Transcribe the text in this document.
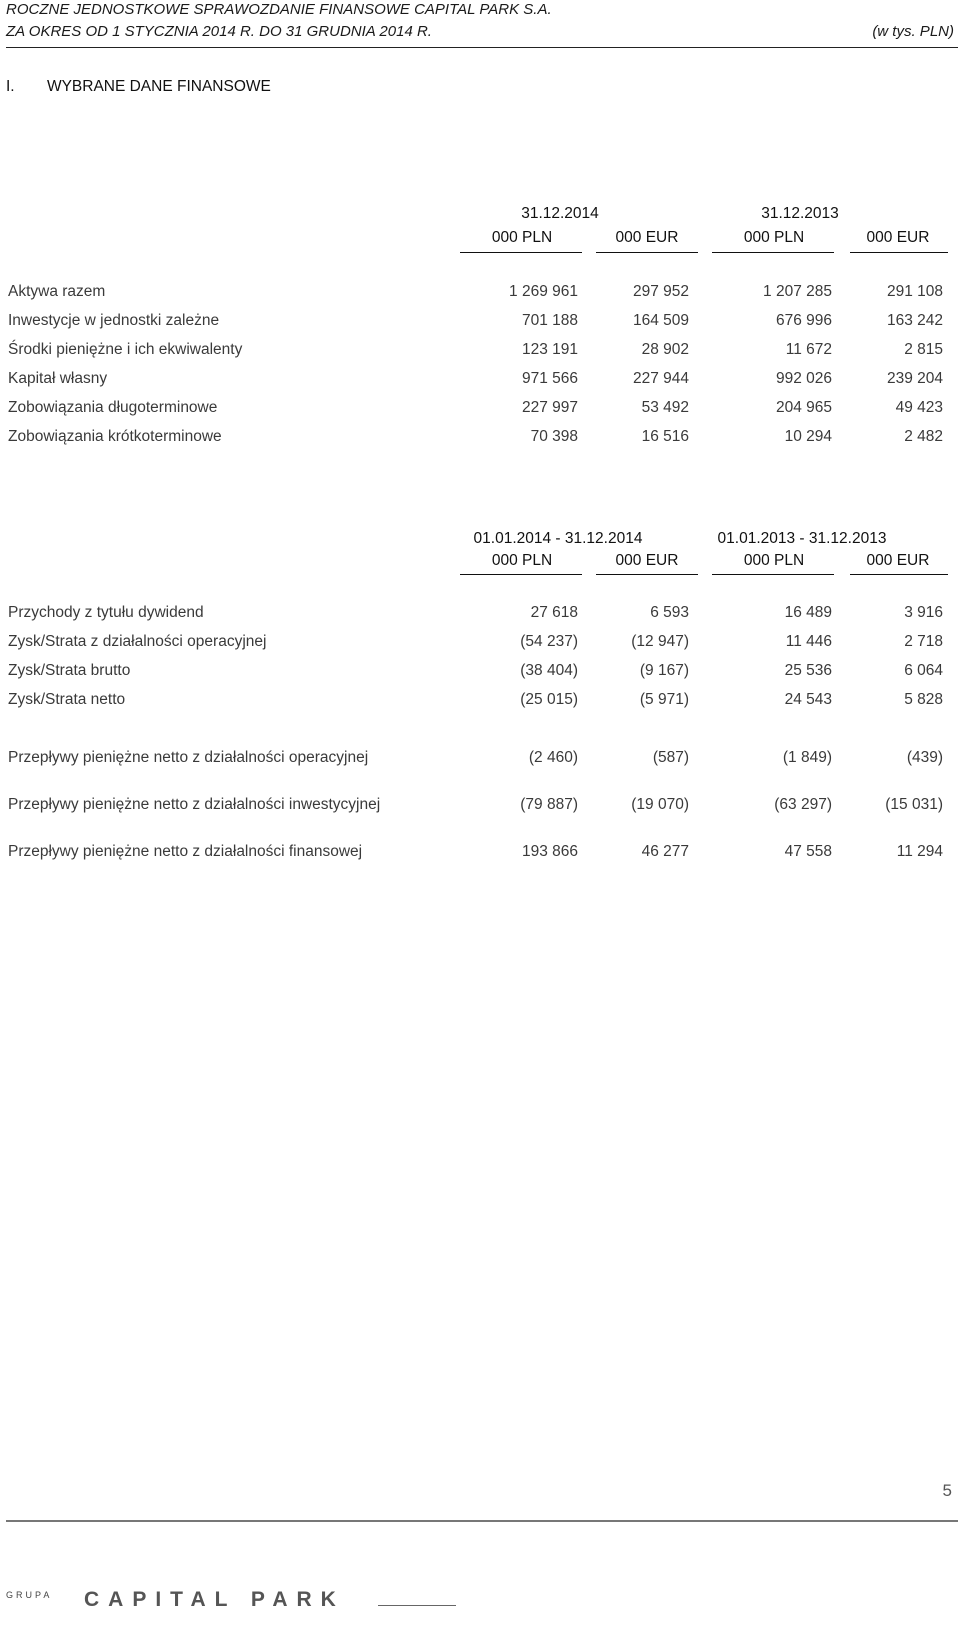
ROCZNE JEDNOSTKOWE SPRAWOZDANIE FINANSOWE CAPITAL PARK S.A.
ZA OKRES OD 1 STYCZNIA 2014 R. DO 31 GRUDNIA 2014 R.	(w tys. PLN)
I. WYBRANE DANE FINANSOWE
31.12.2014	31.12.2013
000 PLN	000 EUR	000 PLN	000 EUR
Aktywa razem	1 269 961	297 952	1 207 285	291 108
Inwestycje w jednostki zależne	701 188	164 509	676 996	163 242
Środki pieniężne i ich ekwiwalenty	123 191	28 902	11 672	2 815
Kapitał własny	971 566	227 944	992 026	239 204
Zobowiązania długoterminowe	227 997	53 492	204 965	49 423
Zobowiązania krótkoterminowe	70 398	16 516	10 294	2 482
01.01.2014 - 31.12.2014	01.01.2013 - 31.12.2013
000 PLN	000 EUR	000 PLN	000 EUR
Przychody z tytułu dywidend	27 618	6 593	16 489	3 916
Zysk/Strata z działalności operacyjnej	(54 237)	(12 947)	11 446	2 718
Zysk/Strata brutto	(38 404)	(9 167)	25 536	6 064
Zysk/Strata netto	(25 015)	(5 971)	24 543	5 828
Przepływy pieniężne netto z działalności operacyjnej	(2 460)	(587)	(1 849)	(439)
Przepływy pieniężne netto z działalności inwestycyjnej	(79 887)	(19 070)	(63 297)	(15 031)
Przepływy pieniężne netto z działalności finansowej	193 866	46 277	47 558	11 294
5
GRUPA CAPITAL PARK
